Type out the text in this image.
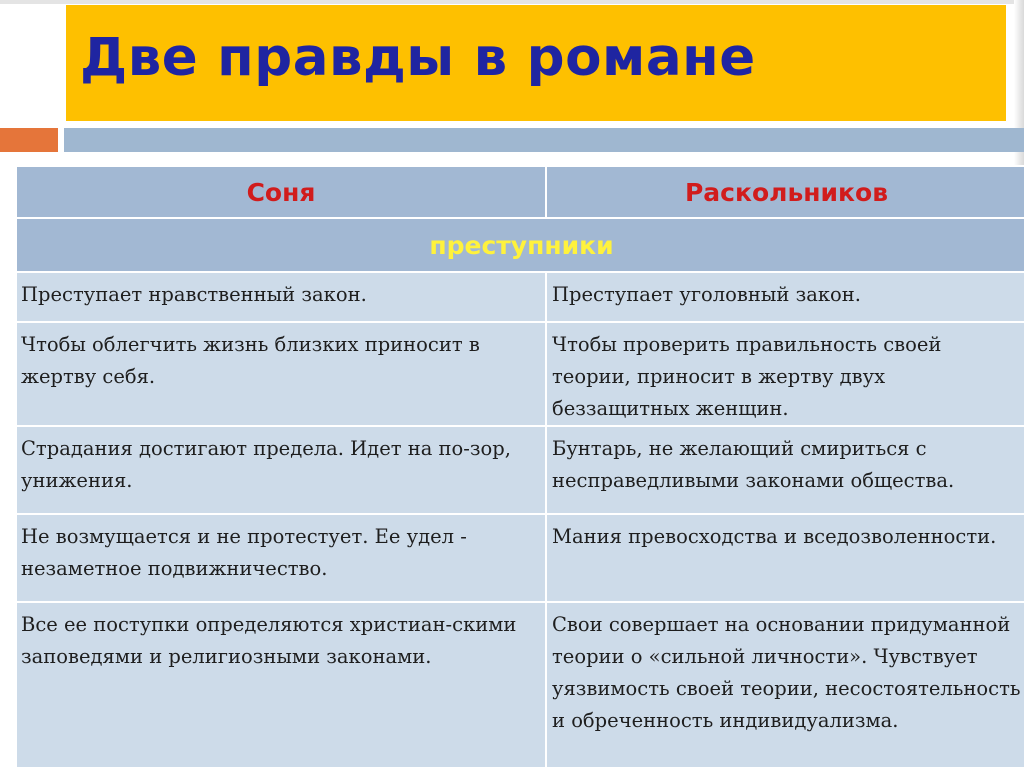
Две правды в романе
Соня	Раскольников
преступники	
Преступает нравственный закон.	Преступает уголовный закон.
Чтобы облегчить жизнь близких приносит в жертву себя.	Чтобы проверить правильность своей теории, приносит в жертву двух беззащитных женщин.
Страдания достигают предела. Идет на по-зор, унижения.	Бунтарь, не желающий смириться с несправедливыми законами общества.
Не возмущается и не протестует. Ее удел - незаметное подвижничество.	Мания превосходства и вседозволенности.
Все ее поступки определяются христиан-скими заповедями и религиозными законами.	Свои совершает на основании придуманной теории о «сильной личности». Чувствует уязвимость своей теории, несостоятельность и обреченность индивидуализма.
